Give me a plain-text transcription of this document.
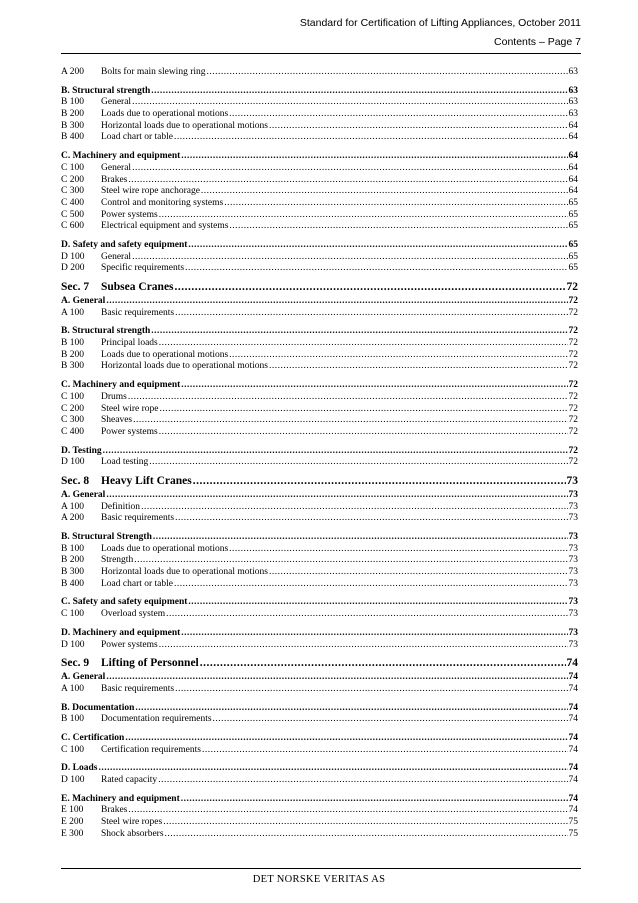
Standard for Certification of Lifting Appliances, October 2011
Contents – Page 7
A 200	Bolts for main slewing ring .....	63
B. Structural strength .....	63
B 100	General .....	63
B 200	Loads due to operational motions .....	63
B 300	Horizontal loads due to operational motions .....	64
B 400	Load chart or table .....	64
C. Machinery and equipment .....	64
C 100	General .....	64
C 200	Brakes .....	64
C 300	Steel wire rope anchorage .....	64
C 400	Control and monitoring systems .....	65
C 500	Power systems .....	65
C 600	Electrical equipment and systems .....	65
D. Safety and safety equipment .....	65
D 100	General .....	65
D 200	Specific requirements .....	65
Sec. 7	Subsea Cranes .....	72
A. General .....	72
A 100	Basic requirements .....	72
B. Structural strength .....	72
B 100	Principal loads .....	72
B 200	Loads due to operational motions .....	72
B 300	Horizontal loads due to operational motions .....	72
C. Machinery and equipment .....	72
C 100	Drums .....	72
C 200	Steel wire rope .....	72
C 300	Sheaves .....	72
C 400	Power systems .....	72
D. Testing .....	72
D 100	Load testing .....	72
Sec. 8	Heavy Lift Cranes .....	73
A. General .....	73
A 100	Definition .....	73
A 200	Basic requirements .....	73
B. Structural Strength .....	73
B 100	Loads due to operational motions .....	73
B 200	Strength .....	73
B 300	Horizontal loads due to operational motions .....	73
B 400	Load chart or table .....	73
C. Safety and safety equipment .....	73
C 100	Overload system .....	73
D. Machinery and equipment .....	73
D 100	Power systems .....	73
Sec. 9	Lifting of Personnel .....	74
A. General .....	74
A 100	Basic requirements .....	74
B. Documentation .....	74
B 100	Documentation requirements .....	74
C. Certification .....	74
C 100	Certification requirements .....	74
D. Loads .....	74
D 100	Rated capacity .....	74
E. Machinery and equipment .....	74
E 100	Brakes .....	74
E 200	Steel wire ropes .....	75
E 300	Shock absorbers .....	75
DET NORSKE VERITAS AS
